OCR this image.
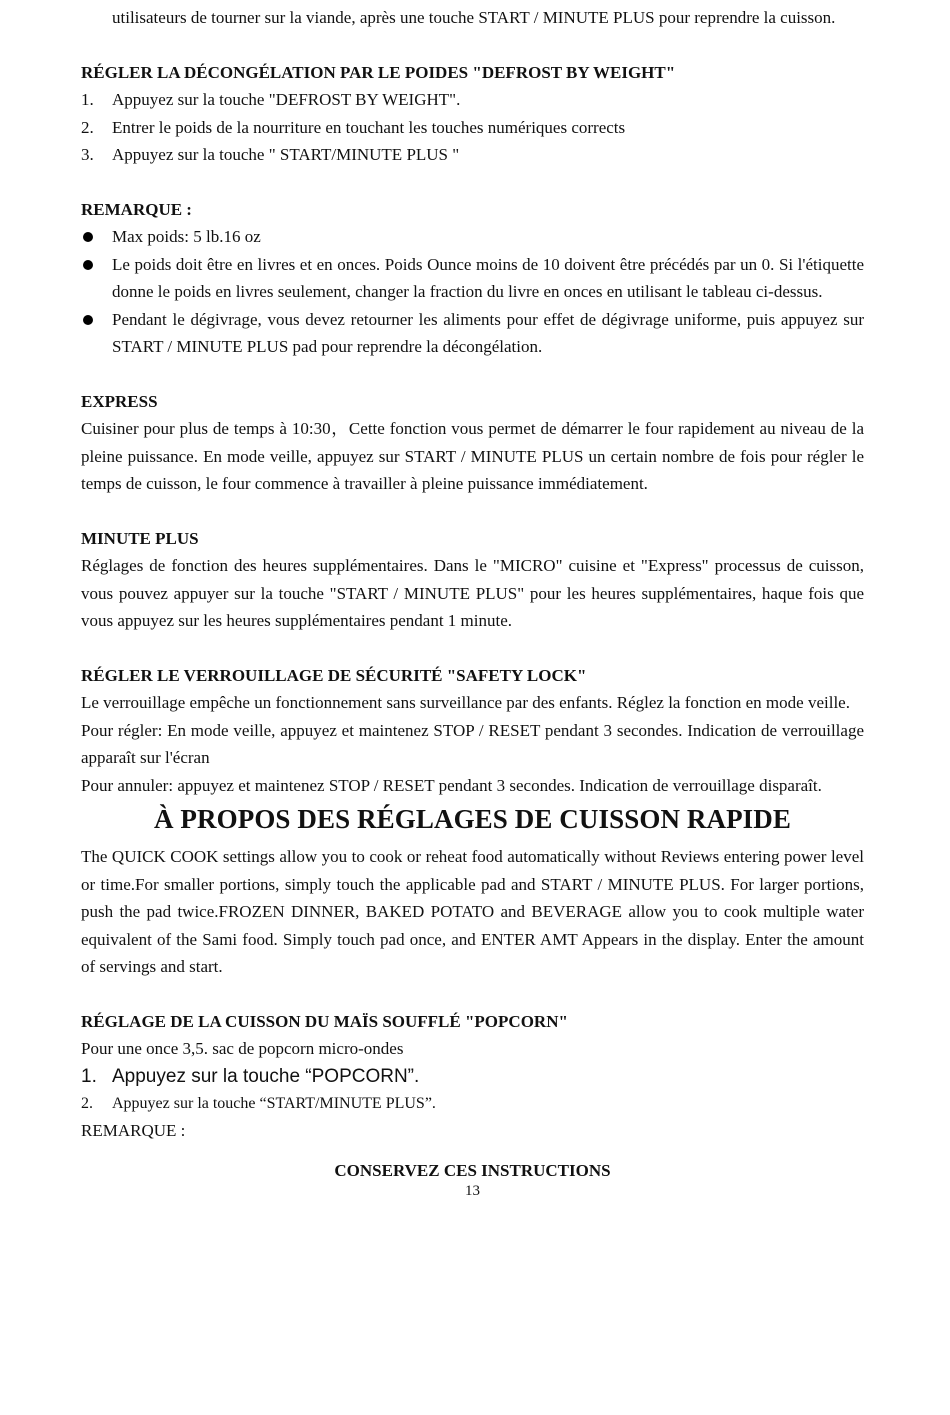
utilisateurs de tourner sur la viande, après une touche START / MINUTE PLUS pour reprendre la cuisson.

RÉGLER LA DÉCONGÉLATION PAR LE POIDES "DEFROST BY WEIGHT"

1. Appuyez sur la touche "DEFROST BY WEIGHT".
2. Entrer le poids de la nourriture en touchant les touches numériques corrects
3. Appuyez sur la touche " START/MINUTE PLUS "

REMARQUE :

Max poids: 5 lb.16 oz
Le poids doit être en livres et en onces. Poids Ounce moins de 10 doivent être précédés par un 0. Si l'étiquette donne le poids en livres seulement, changer la fraction du livre en onces en utilisant le tableau ci-dessus.
Pendant le dégivrage, vous devez retourner les aliments pour effet de dégivrage uniforme, puis appuyez sur START / MINUTE PLUS pad pour reprendre la décongélation.

EXPRESS

Cuisiner pour plus de temps à 10:30，Cette fonction vous permet de démarrer le four rapidement au niveau de la pleine puissance. En mode veille, appuyez sur START / MINUTE PLUS un certain nombre de fois pour régler le temps de cuisson, le four commence à travailler à pleine puissance immédiatement.

MINUTE PLUS

Réglages de fonction des heures supplémentaires. Dans le "MICRO" cuisine et "Express" processus de cuisson, vous pouvez appuyer sur la touche "START / MINUTE PLUS" pour les heures supplémentaires, haque fois que vous appuyez sur les heures supplémentaires pendant 1 minute.

RÉGLER LE VERROUILLAGE DE SÉCURITÉ "SAFETY LOCK"

Le verrouillage empêche un fonctionnement sans surveillance par des enfants. Réglez la fonction en mode veille.

Pour régler: En mode veille, appuyez et maintenez STOP / RESET pendant 3 secondes. Indication de verrouillage apparaît sur l'écran

Pour annuler: appuyez et maintenez STOP / RESET pendant 3 secondes. Indication de verrouillage disparaît.

À PROPOS DES RÉGLAGES DE CUISSON RAPIDE

The QUICK COOK settings allow you to cook or reheat food automatically without Reviews entering power level or time.For smaller portions, simply touch the applicable pad and START / MINUTE PLUS. For larger portions, push the pad twice.FROZEN DINNER, BAKED POTATO and BEVERAGE allow you to cook multiple water equivalent of the Sami food. Simply touch pad once, and ENTER AMT Appears in the display. Enter the amount of servings and start.

RÉGLAGE DE LA CUISSON DU MAÏS SOUFFLÉ "POPCORN"

Pour une once 3,5. sac de popcorn micro-ondes

1. Appuyez sur la touche “POPCORN”.
2. Appuyez sur la touche “START/MINUTE PLUS”.

REMARQUE :

CONSERVEZ CES INSTRUCTIONS

13
